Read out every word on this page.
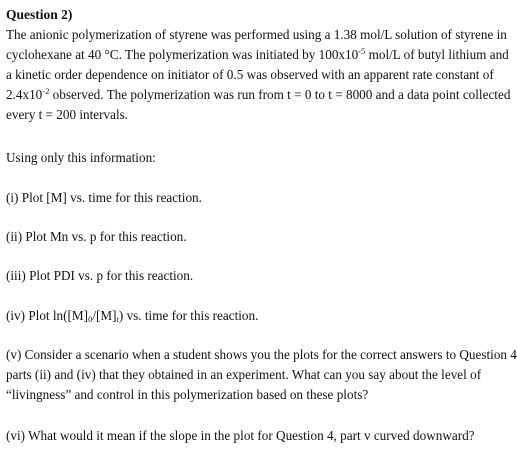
Question 2)
The anionic polymerization of styrene was performed using a 1.38 mol/L solution of styrene in
cyclohexane at 40 °C. The polymerization was initiated by $100x10^{-5}$ mol/L of butyl lithium and
a kinetic order dependence on initiator of 0.5 was observed with an apparent rate constant of
$2.4x10^{-2}$ observed. The polymerization was run from t = 0 to t = 8000 and a data point collected
every t = 200 intervals.
Using only this information:
(i) Plot [M] vs. time for this reaction.
(ii) Plot Mn vs. p for this reaction.
(iii) Plot PDI vs. p for this reaction.
(iv) Plot $\ln([M]_0/[M]_t)$ vs. time for this reaction.
(v) Consider a scenario when a student shows you the plots for the correct answers to Question 4
parts (ii) and (iv) that they obtained in an experiment. What can you say about the level of
“livingness” and control in this polymerization based on these plots?
(vi) What would it mean if the slope in the plot for Question 4, part v curved downward?
